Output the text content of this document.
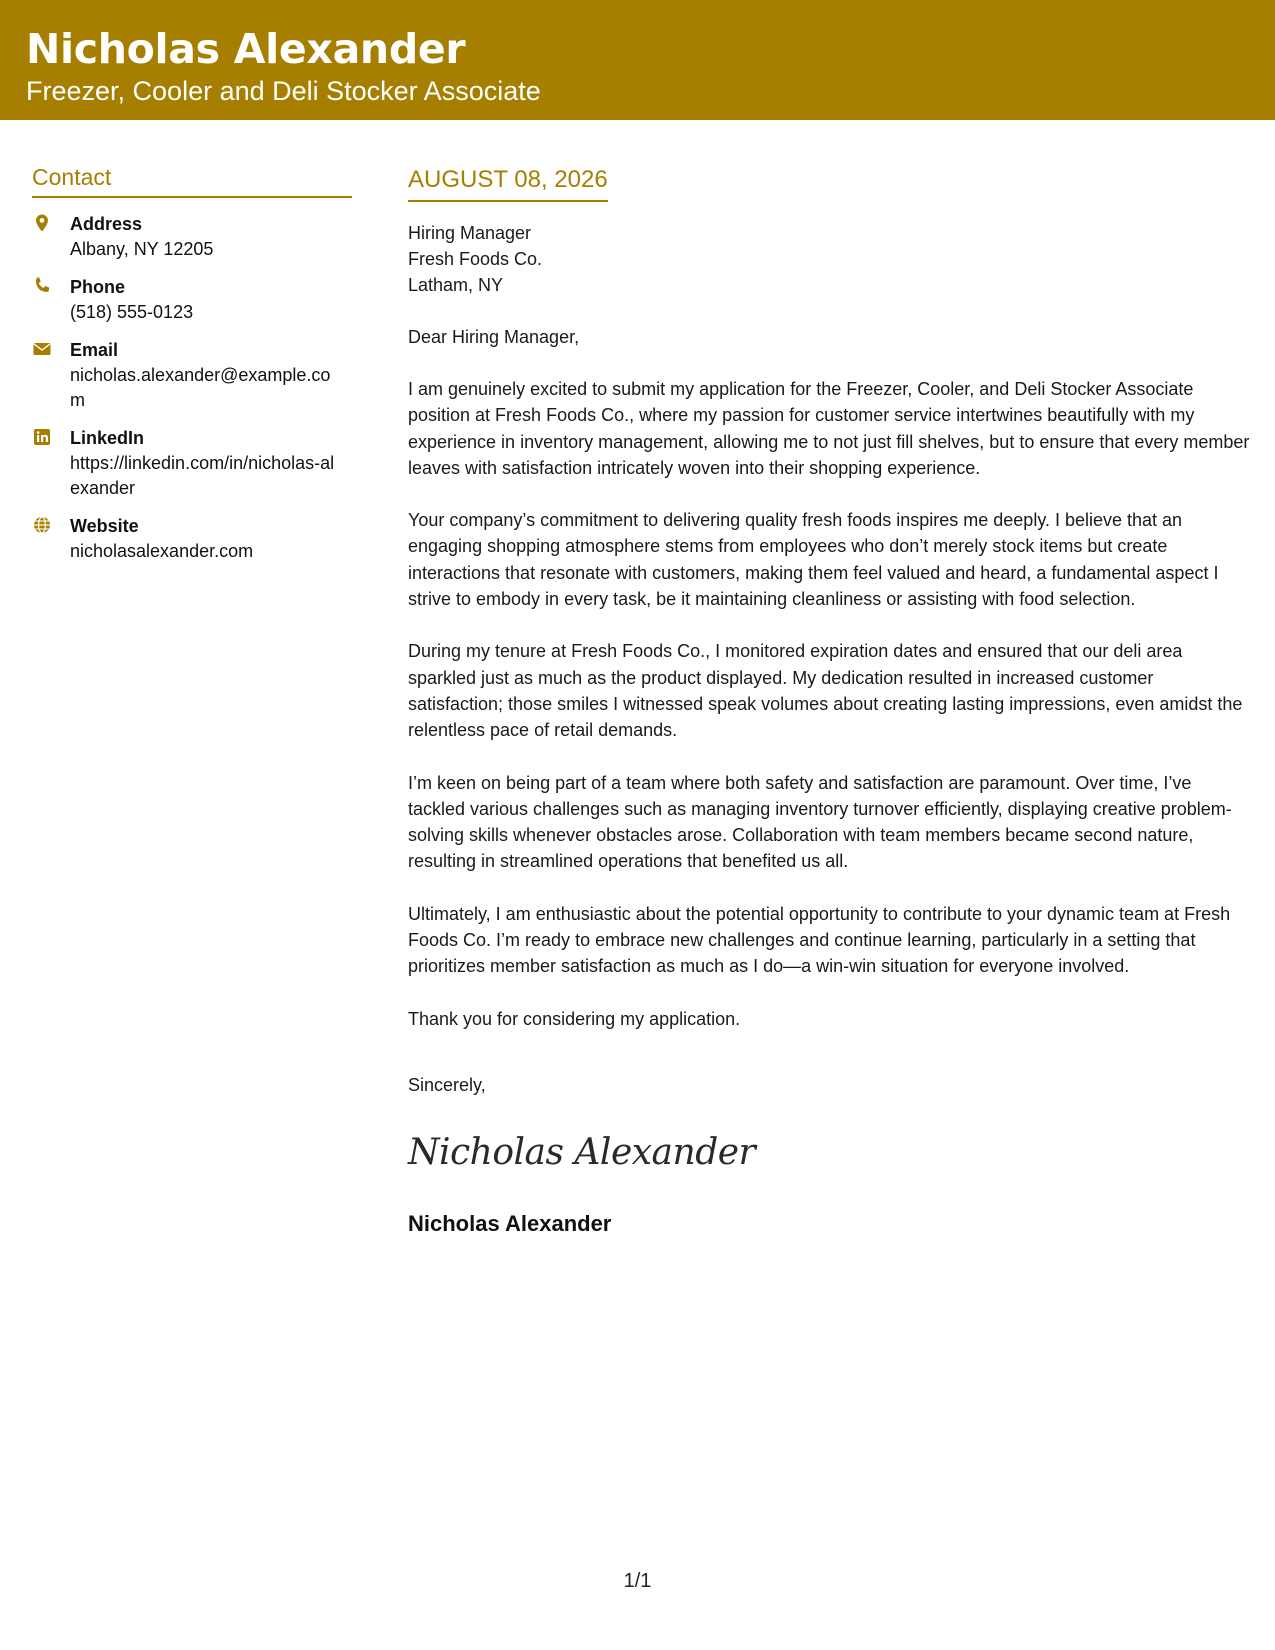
Nicholas Alexander
Freezer, Cooler and Deli Stocker Associate
Contact
Address
Albany, NY 12205
Phone
(518) 555-0123
Email
nicholas.alexander@example.com
LinkedIn
https://linkedin.com/in/nicholas-alexander
Website
nicholasalexander.com
AUGUST 08, 2026
Hiring Manager
Fresh Foods Co.
Latham, NY
Dear Hiring Manager,

I am genuinely excited to submit my application for the Freezer, Cooler, and Deli Stocker Associate position at Fresh Foods Co., where my passion for customer service intertwines beautifully with my experience in inventory management, allowing me to not just fill shelves, but to ensure that every member leaves with satisfaction intricately woven into their shopping experience.

Your company’s commitment to delivering quality fresh foods inspires me deeply. I believe that an engaging shopping atmosphere stems from employees who don’t merely stock items but create interactions that resonate with customers, making them feel valued and heard, a fundamental aspect I strive to embody in every task, be it maintaining cleanliness or assisting with food selection.

During my tenure at Fresh Foods Co., I monitored expiration dates and ensured that our deli area sparkled just as much as the product displayed. My dedication resulted in increased customer satisfaction; those smiles I witnessed speak volumes about creating lasting impressions, even amidst the relentless pace of retail demands.

I’m keen on being part of a team where both safety and satisfaction are paramount. Over time, I’ve tackled various challenges such as managing inventory turnover efficiently, displaying creative problem-solving skills whenever obstacles arose. Collaboration with team members became second nature, resulting in streamlined operations that benefited us all.

Ultimately, I am enthusiastic about the potential opportunity to contribute to your dynamic team at Fresh Foods Co. I’m ready to embrace new challenges and continue learning, particularly in a setting that prioritizes member satisfaction as much as I do—a win-win situation for everyone involved.

Thank you for considering my application.

Sincerely,
Nicholas Alexander
Nicholas Alexander
1/1
